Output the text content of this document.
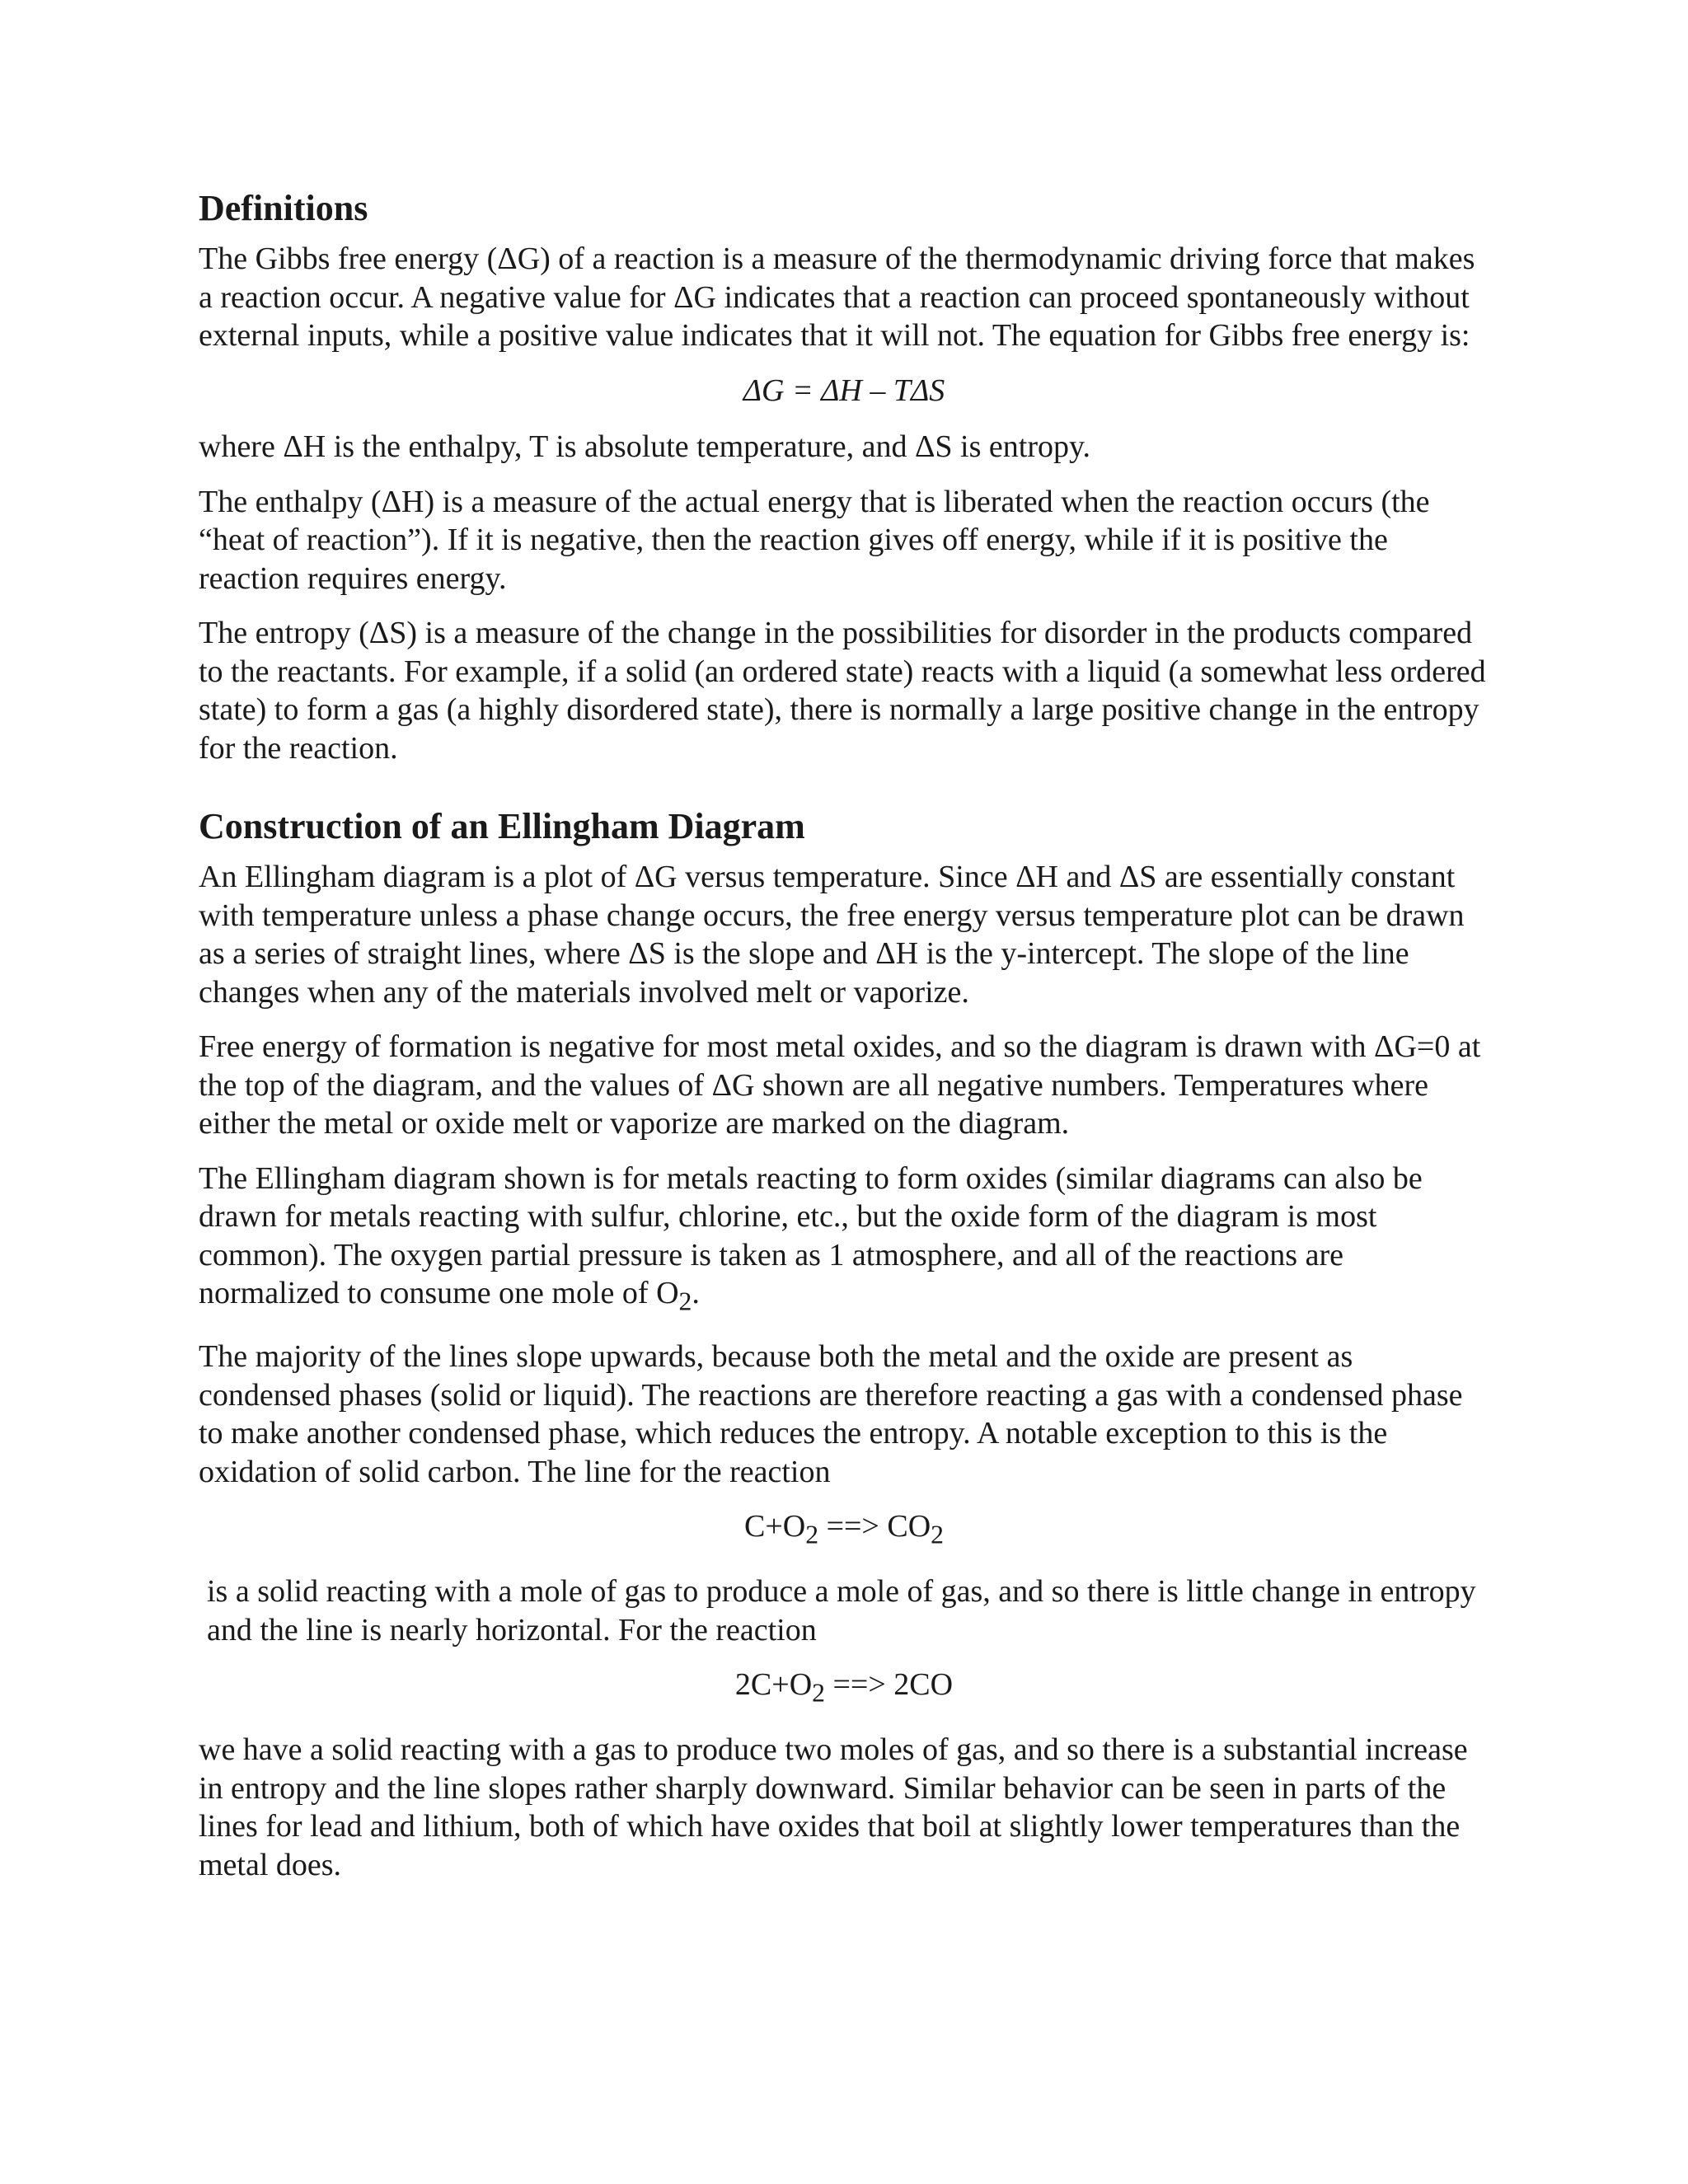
Definitions

The Gibbs free energy (ΔG) of a reaction is a measure of the thermodynamic driving force that makes a reaction occur. A negative value for ΔG indicates that a reaction can proceed spontaneously without external inputs, while a positive value indicates that it will not. The equation for Gibbs free energy is:

ΔG = ΔH – TΔS

where ΔH is the enthalpy, T is absolute temperature, and ΔS is entropy.

The enthalpy (ΔH) is a measure of the actual energy that is liberated when the reaction occurs (the “heat of reaction”). If it is negative, then the reaction gives off energy, while if it is positive the reaction requires energy.

The entropy (ΔS) is a measure of the change in the possibilities for disorder in the products compared to the reactants. For example, if a solid (an ordered state) reacts with a liquid (a somewhat less ordered state) to form a gas (a highly disordered state), there is normally a large positive change in the entropy for the reaction.

Construction of an Ellingham Diagram

An Ellingham diagram is a plot of ΔG versus temperature. Since ΔH and ΔS are essentially constant with temperature unless a phase change occurs, the free energy versus temperature plot can be drawn as a series of straight lines, where ΔS is the slope and ΔH is the y-intercept. The slope of the line changes when any of the materials involved melt or vaporize.

Free energy of formation is negative for most metal oxides, and so the diagram is drawn with ΔG=0 at the top of the diagram, and the values of ΔG shown are all negative numbers. Temperatures where either the metal or oxide melt or vaporize are marked on the diagram.

The Ellingham diagram shown is for metals reacting to form oxides (similar diagrams can also be drawn for metals reacting with sulfur, chlorine, etc., but the oxide form of the diagram is most common). The oxygen partial pressure is taken as 1 atmosphere, and all of the reactions are normalized to consume one mole of $O_2$.

The majority of the lines slope upwards, because both the metal and the oxide are present as condensed phases (solid or liquid). The reactions are therefore reacting a gas with a condensed phase to make another condensed phase, which reduces the entropy. A notable exception to this is the oxidation of solid carbon. The line for the reaction

$C+O_2$ ==> $CO_2$

is a solid reacting with a mole of gas to produce a mole of gas, and so there is little change in entropy and the line is nearly horizontal. For the reaction

$2C+O_2$ ==> 2CO

we have a solid reacting with a gas to produce two moles of gas, and so there is a substantial increase in entropy and the line slopes rather sharply downward. Similar behavior can be seen in parts of the lines for lead and lithium, both of which have oxides that boil at slightly lower temperatures than the metal does.
